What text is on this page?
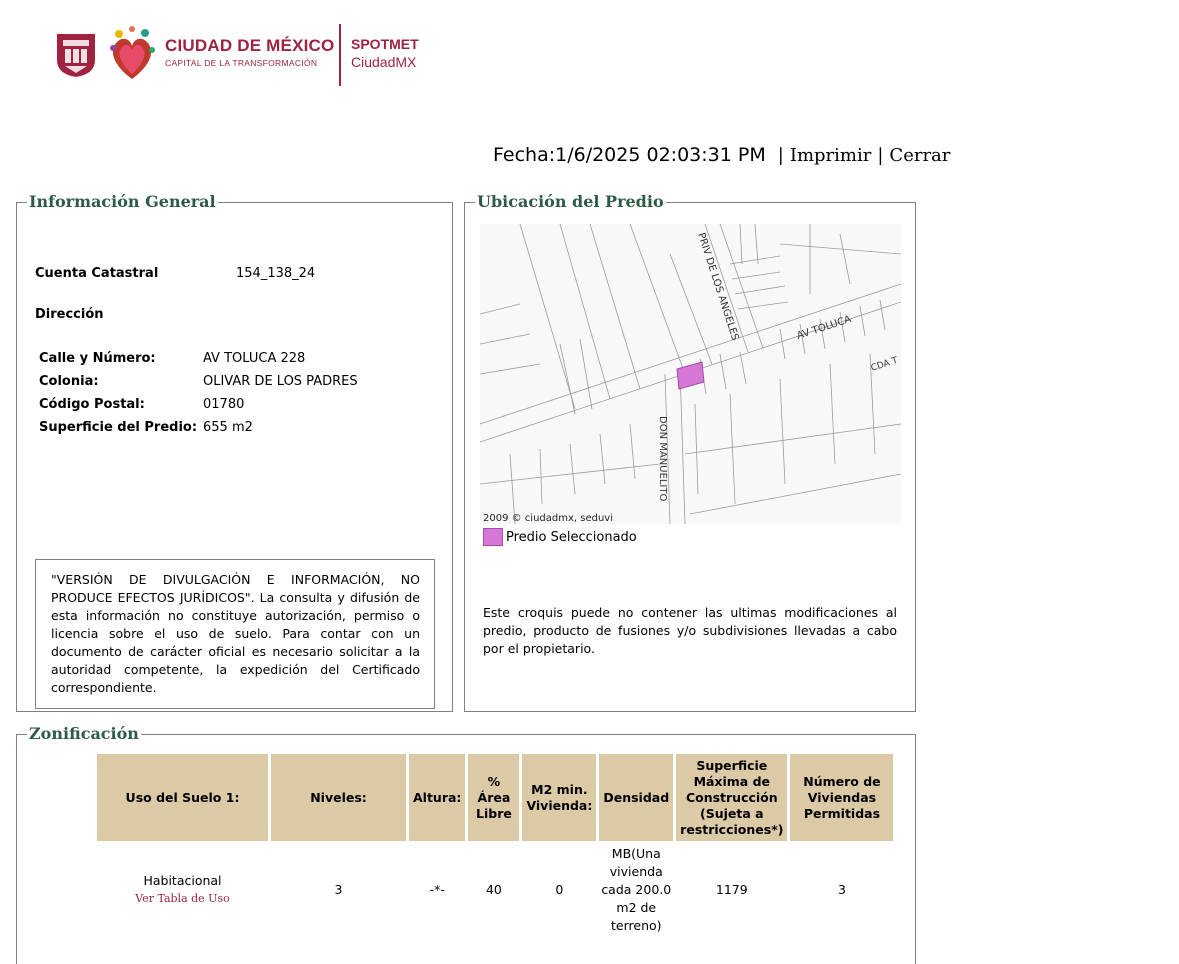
CIUDAD DE MÉXICO
CAPITAL DE LA TRANSFORMACIÓN
SPOTMET
CiudadMX
Fecha:1/6/2025 02:03:31 PM | Imprimir | Cerrar
Información General
Cuenta Catastral	154_138_24
Dirección
Calle y Número:	AV TOLUCA 228
Colonia:	OLIVAR DE LOS PADRES
Código Postal:	01780
Superficie del Predio: 655 m2
"VERSIÓN DE DIVULGACIÓN E INFORMACIÓN, NO PRODUCE EFECTOS JURÍDICOS". La consulta y difusión de esta información no constituye autorización, permiso o licencia sobre el uso de suelo. Para contar con un documento de carácter oficial es necesario solicitar a la autoridad competente, la expedición del Certificado correspondiente.
Ubicación del Predio
PRIV DE LOS ANGELES	AV TOLUCA
CDA T
DON MANUELITO
2009 © ciudadmx, seduvi
Predio Seleccionado
Este croquis puede no contener las ultimas modificaciones al predio, producto de fusiones y/o subdivisiones llevadas a cabo por el propietario.
Zonificación
Uso del Suelo 1:	Niveles:	Altura:	% Área Libre	M2 min. Vivienda:	Densidad	Superficie Máxima de Construcción (Sujeta a restricciones*)	Número de Viviendas Permitidas

Habitacional
Ver Tabla de Uso	3	-*-	40	0	MB(Una vivienda cada 200.0 m2 de terreno)	1179	3
